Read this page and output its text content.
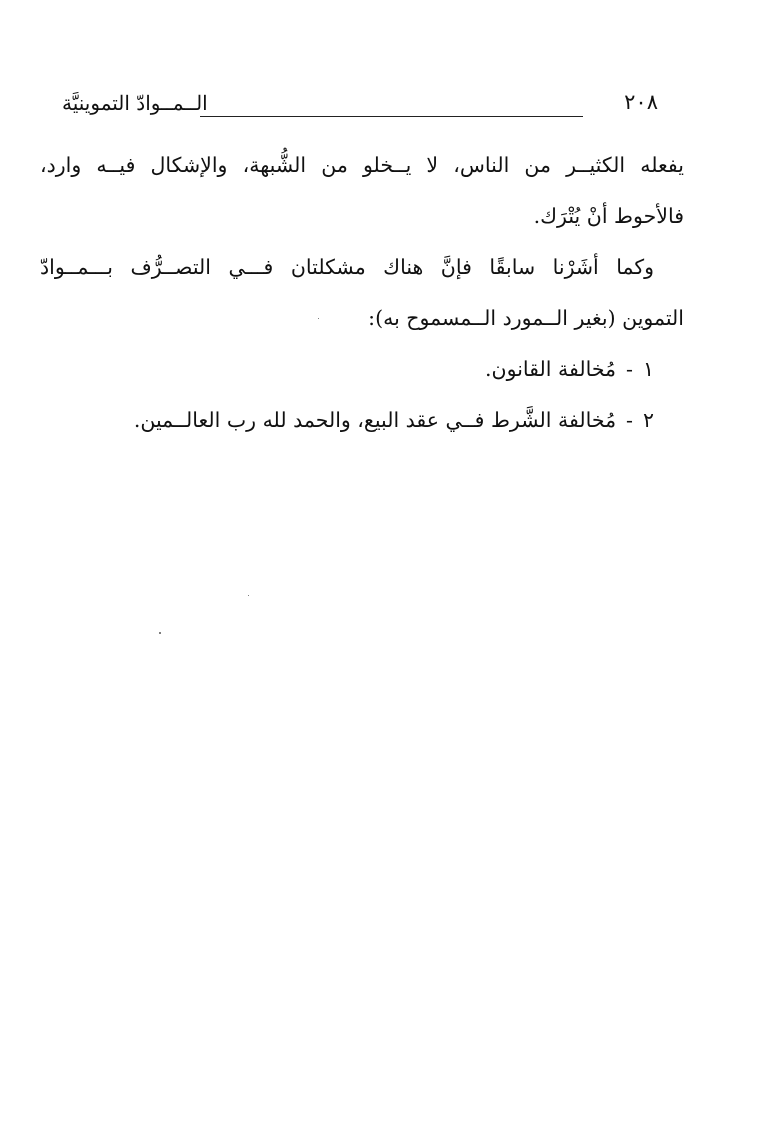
٢٠٨
الــمــوادّ التموينيَّة
يفعله الكثيــر من الناس، لا يــخلو من الشُّبهة، والإشكال فيــه وارد،
فالأحوط أنْ يُتْرَك.
وكما أشَرْنا سابقًا فإنَّ هناك مشكلتان فـــي التصــرُّف بـــمــوادّ
التموين (بغير الــمورد الــمسموح به):
١-مُخالفة القانون.
٢-مُخالفة الشَّرط فــي عقد البيع، والحمد لله رب العالــمين.
